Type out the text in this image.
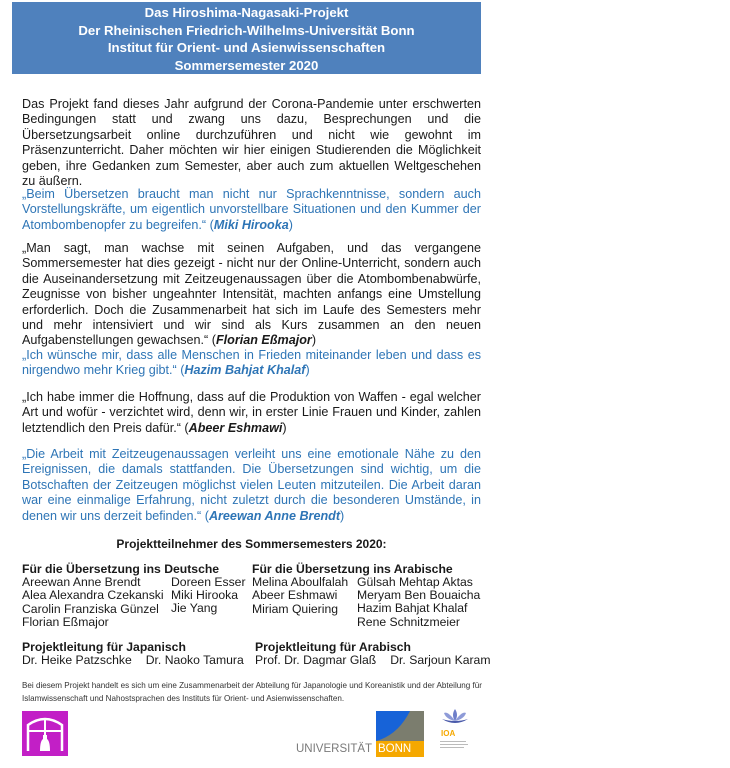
Das Hiroshima-Nagasaki-Projekt
Der Rheinischen Friedrich-Wilhelms-Universität Bonn
Institut für Orient- und Asienwissenschaften
Sommersemester 2020

Das Projekt fand dieses Jahr aufgrund der Corona-Pandemie unter erschwerten Bedingungen statt und zwang uns dazu, Besprechungen und die Übersetzungsarbeit online durchzuführen und nicht wie gewohnt im Präsenzunterricht. Daher möchten wir hier einigen Studierenden die Möglichkeit geben, ihre Gedanken zum Semester, aber auch zum aktuellen Weltgeschehen zu äußern.

„Beim Übersetzen braucht man nicht nur Sprachkenntnisse, sondern auch Vorstellungskräfte, um eigentlich unvorstellbare Situationen und den Kummer der Atombombenopfer zu begreifen.“ (Miki Hirooka)

„Man sagt, man wachse mit seinen Aufgaben, und das vergangene Sommersemester hat dies gezeigt - nicht nur der Online-Unterricht, sondern auch die Auseinandersetzung mit Zeitzeugenaussagen über die Atombombenabwürfe, Zeugnisse von bisher ungeahnter Intensität, machten anfangs eine Umstellung erforderlich. Doch die Zusammenarbeit hat sich im Laufe des Semesters mehr und mehr intensiviert und wir sind als Kurs zusammen an den neuen Aufgabenstellungen gewachsen.“ (Florian Eßmajor)

„Ich wünsche mir, dass alle Menschen in Frieden miteinander leben und dass es nirgendwo mehr Krieg gibt.“ (Hazim Bahjat Khalaf)

„Ich habe immer die Hoffnung, dass auf die Produktion von Waffen - egal welcher Art und wofür - verzichtet wird, denn wir, in erster Linie Frauen und Kinder, zahlen letztendlich den Preis dafür.“ (Abeer Eshmawi)

„Die Arbeit mit Zeitzeugenaussagen verleiht uns eine emotionale Nähe zu den Ereignissen, die damals stattfanden. Die Übersetzungen sind wichtig, um die Botschaften der Zeitzeugen möglichst vielen Leuten mitzuteilen. Die Arbeit daran war eine einmalige Erfahrung, nicht zuletzt durch die besonderen Umstände, in denen wir uns derzeit befinden.“ (Areewan Anne Brendt)

Projektteilnehmer des Sommersemesters 2020:
Für die Übersetzung ins Deutsche
Areewan Anne Brendt
Alea Alexandra Czekanski
Carolin Franziska Günzel
Florian Eßmajor
Doreen Esser
Miki Hirooka
Jie Yang
Für die Übersetzung ins Arabische
Melina Aboulfalah
Abeer Eshmawi
Miriam Quiering
Gülsah Mehtap Aktas
Meryam Ben Bouaicha
Hazim Bahjat Khalaf
Rene Schnitzmeier
Projektleitung für Japanisch
Dr. Heike Patzschke Dr. Naoko Tamura
Projektleitung für Arabisch
Prof. Dr. Dagmar Glaß Dr. Sarjoun Karam
Bei diesem Projekt handelt es sich um eine Zusammenarbeit der Abteilung für Japanologie und Koreanistik und der Abteilung für Islamwissenschaft und Nahostsprachen des Instituts für Orient- und Asienwissenschaften.
UNIVERSITÄT BONN
IOA
